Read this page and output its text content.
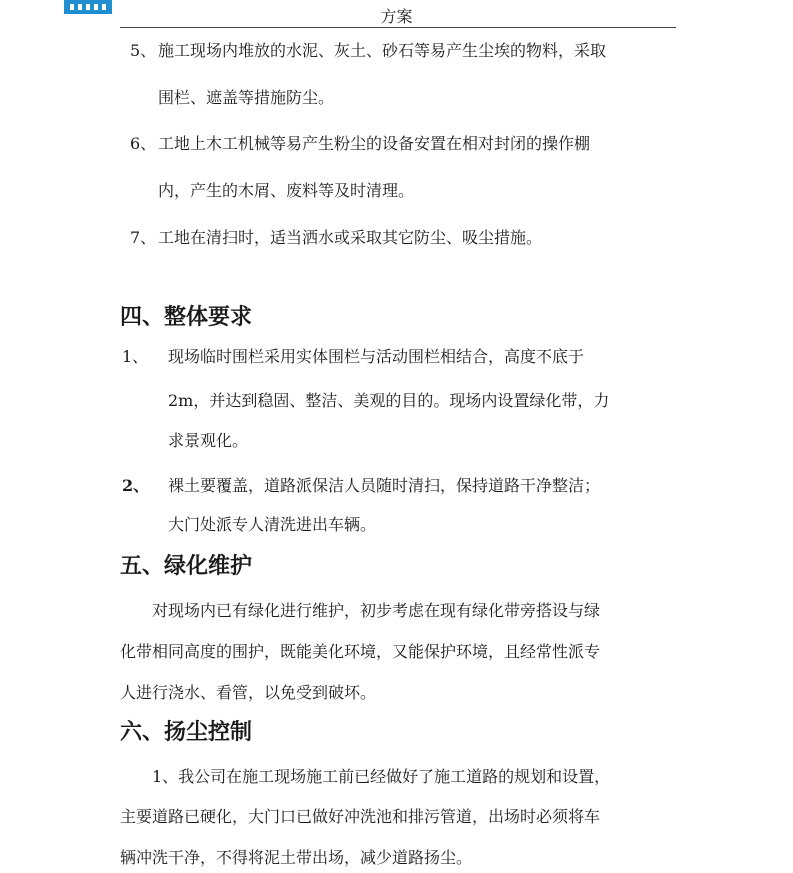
方案
5、 施工现场内堆放的水泥、灰土、砂石等易产生尘埃的物料，采取
围栏、遮盖等措施防尘。
6、 工地上木工机械等易产生粉尘的设备安置在相对封闭的操作棚
内，产生的木屑、废料等及时清理。
7、 工地在清扫时，适当洒水或采取其它防尘、吸尘措施。
四、整体要求
1、 现场临时围栏采用实体围栏与活动围栏相结合，高度不底于
2m，并达到稳固、整洁、美观的目的。现场内设置绿化带，力
求景观化。
2、 裸土要覆盖，道路派保洁人员随时清扫，保持道路干净整洁；
大门处派专人清洗进出车辆。
五、绿化维护
对现场内已有绿化进行维护，初步考虑在现有绿化带旁搭设与绿
化带相同高度的围护，既能美化环境，又能保护环境，且经常性派专
人进行浇水、看管，以免受到破坏。
六、扬尘控制
1、我公司在施工现场施工前已经做好了施工道路的规划和设置，
主要道路已硬化，大门口已做好冲洗池和排污管道，出场时必须将车
辆冲洗干净，不得将泥土带出场，减少道路扬尘。
